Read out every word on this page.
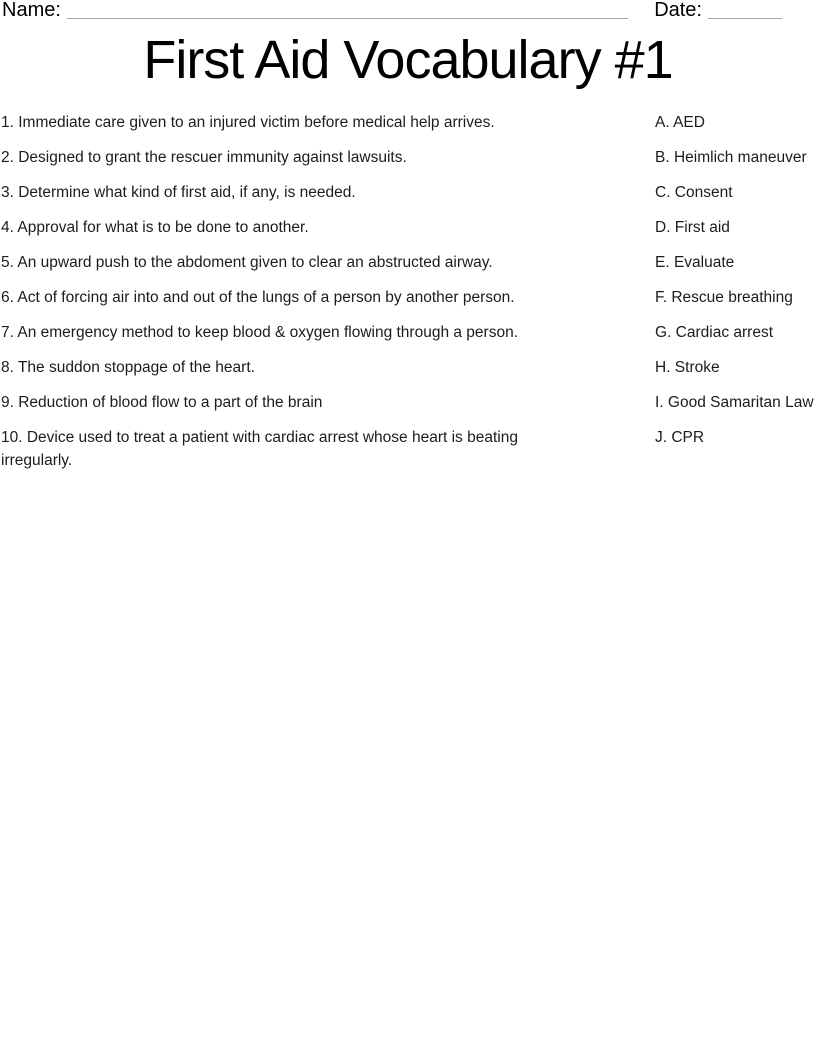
Name:	Date:
First Aid Vocabulary #1

1. Immediate care given to an injured victim before medical help arrives.

2. Designed to grant the rescuer immunity against lawsuits.

3. Determine what kind of first aid, if any, is needed.

4. Approval for what is to be done to another.

5. An upward push to the abdoment given to clear an abstructed airway.

6. Act of forcing air into and out of the lungs of a person by another person.

7. An emergency method to keep blood & oxygen flowing through a person.

8. The suddon stoppage of the heart.

9. Reduction of blood flow to a part of the brain

10. Device used to treat a patient with cardiac arrest whose heart is beating irregularly.

A. AED

B. Heimlich maneuver

C. Consent

D. First aid

E. Evaluate

F. Rescue breathing

G. Cardiac arrest

H. Stroke

I. Good Samaritan Law

J. CPR
